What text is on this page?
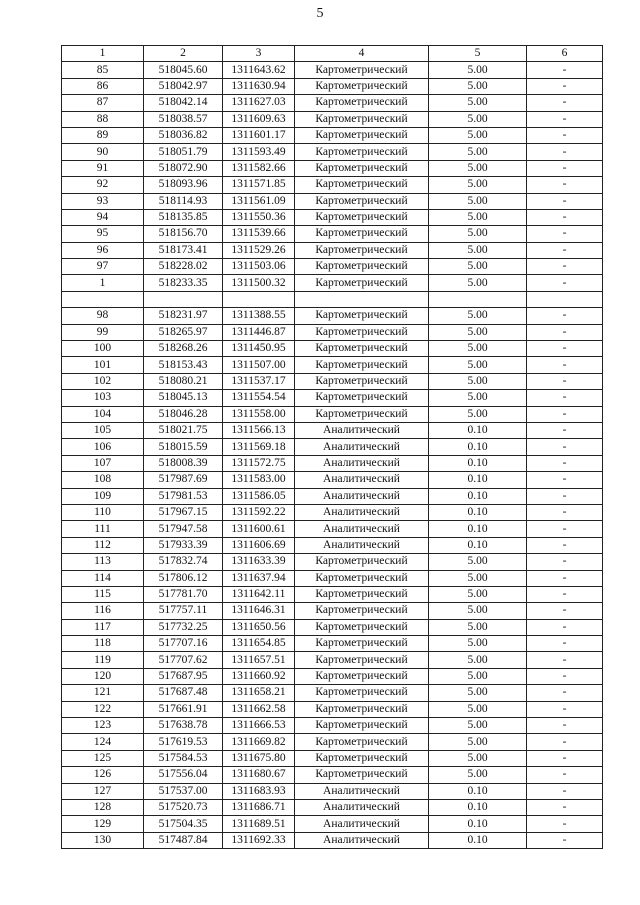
5
1	2	3	4	5	6
85	518045.60	1311643.62	Картометрический	5.00	-
86	518042.97	1311630.94	Картометрический	5.00	-
87	518042.14	1311627.03	Картометрический	5.00	-
88	518038.57	1311609.63	Картометрический	5.00	-
89	518036.82	1311601.17	Картометрический	5.00	-
90	518051.79	1311593.49	Картометрический	5.00	-
91	518072.90	1311582.66	Картометрический	5.00	-
92	518093.96	1311571.85	Картометрический	5.00	-
93	518114.93	1311561.09	Картометрический	5.00	-
94	518135.85	1311550.36	Картометрический	5.00	-
95	518156.70	1311539.66	Картометрический	5.00	-
96	518173.41	1311529.26	Картометрический	5.00	-
97	518228.02	1311503.06	Картометрический	5.00	-
1	518233.35	1311500.32	Картометрический	5.00	-

98	518231.97	1311388.55	Картометрический	5.00	-
99	518265.97	1311446.87	Картометрический	5.00	-
100	518268.26	1311450.95	Картометрический	5.00	-
101	518153.43	1311507.00	Картометрический	5.00	-
102	518080.21	1311537.17	Картометрический	5.00	-
103	518045.13	1311554.54	Картометрический	5.00	-
104	518046.28	1311558.00	Картометрический	5.00	-
105	518021.75	1311566.13	Аналитический	0.10	-
106	518015.59	1311569.18	Аналитический	0.10	-
107	518008.39	1311572.75	Аналитический	0.10	-
108	517987.69	1311583.00	Аналитический	0.10	-
109	517981.53	1311586.05	Аналитический	0.10	-
110	517967.15	1311592.22	Аналитический	0.10	-
111	517947.58	1311600.61	Аналитический	0.10	-
112	517933.39	1311606.69	Аналитический	0.10	-
113	517832.74	1311633.39	Картометрический	5.00	-
114	517806.12	1311637.94	Картометрический	5.00	-
115	517781.70	1311642.11	Картометрический	5.00	-
116	517757.11	1311646.31	Картометрический	5.00	-
117	517732.25	1311650.56	Картометрический	5.00	-
118	517707.16	1311654.85	Картометрический	5.00	-
119	517707.62	1311657.51	Картометрический	5.00	-
120	517687.95	1311660.92	Картометрический	5.00	-
121	517687.48	1311658.21	Картометрический	5.00	-
122	517661.91	1311662.58	Картометрический	5.00	-
123	517638.78	1311666.53	Картометрический	5.00	-
124	517619.53	1311669.82	Картометрический	5.00	-
125	517584.53	1311675.80	Картометрический	5.00	-
126	517556.04	1311680.67	Картометрический	5.00	-
127	517537.00	1311683.93	Аналитический	0.10	-
128	517520.73	1311686.71	Аналитический	0.10	-
129	517504.35	1311689.51	Аналитический	0.10	-
130	517487.84	1311692.33	Аналитический	0.10	-
